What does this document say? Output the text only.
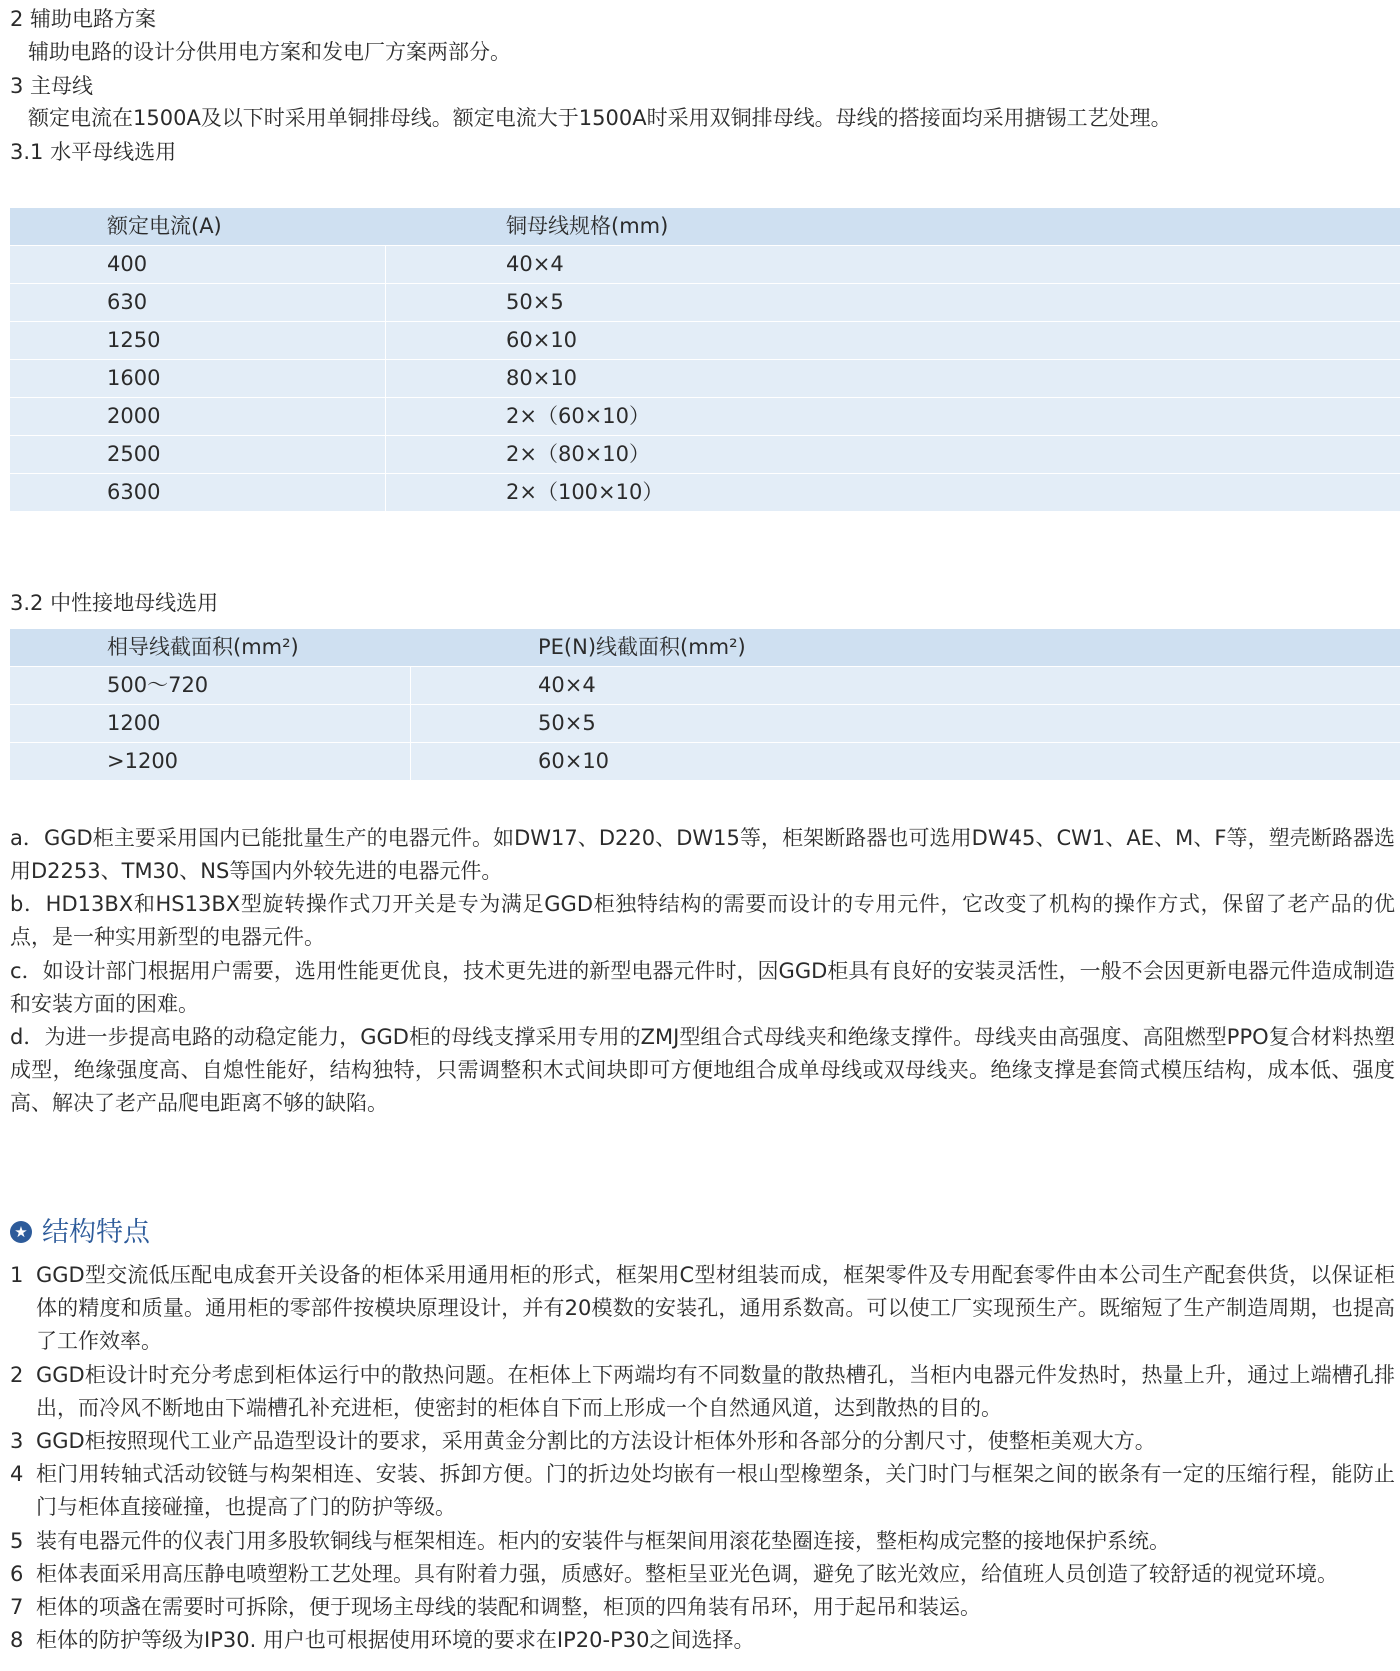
2 辅助电路方案
辅助电路的设计分供用电方案和发电厂方案两部分。
3 主母线
额定电流在1500A及以下时采用单铜排母线。额定电流大于1500A时采用双铜排母线。母线的搭接面均采用搪锡工艺处理。
3.1 水平母线选用
额定电流(A)	铜母线规格(mm)
400	40×4
630	50×5
1250	60×10
1600	80×10
2000	2×（60×10）
2500	2×（80×10）
6300	2×（100×10）
3.2 中性接地母线选用
相导线截面积(mm²)	PE(N)线截面积(mm²)
500～720	40×4
1200	50×5
>1200	60×10
a．GGD柜主要采用国内已能批量生产的电器元件。如DW17、D220、DW15等，柜架断路器也可选用DW45、CW1、AE、M、F等，塑壳断路器选用D2253、TM30、NS等国内外较先进的电器元件。
b．HD13BX和HS13BX型旋转操作式刀开关是专为满足GGD柜独特结构的需要而设计的专用元件，它改变了机构的操作方式，保留了老产品的优点，是一种实用新型的电器元件。
c．如设计部门根据用户需要，选用性能更优良，技术更先进的新型电器元件时，因GGD柜具有良好的安装灵活性，一般不会因更新电器元件造成制造和安装方面的困难。
d．为进一步提高电路的动稳定能力，GGD柜的母线支撑采用专用的ZMJ型组合式母线夹和绝缘支撑件。母线夹由高强度、高阻燃型PPO复合材料热塑成型，绝缘强度高、自熄性能好，结构独特，只需调整积木式间块即可方便地组合成单母线或双母线夹。绝缘支撑是套筒式模压结构，成本低、强度高、解决了老产品爬电距离不够的缺陷。
★ 结构特点
1 GGD型交流低压配电成套开关设备的柜体采用通用柜的形式，框架用C型材组装而成，框架零件及专用配套零件由本公司生产配套供货，以保证柜体的精度和质量。通用柜的零部件按模块原理设计，并有20模数的安装孔，通用系数高。可以使工厂实现预生产。既缩短了生产制造周期，也提高了工作效率。
2 GGD柜设计时充分考虑到柜体运行中的散热问题。在柜体上下两端均有不同数量的散热槽孔，当柜内电器元件发热时，热量上升，通过上端槽孔排出，而冷风不断地由下端槽孔补充进柜，使密封的柜体自下而上形成一个自然通风道，达到散热的目的。
3 GGD柜按照现代工业产品造型设计的要求，采用黄金分割比的方法设计柜体外形和各部分的分割尺寸，使整柜美观大方。
4 柜门用转轴式活动铰链与构架相连、安装、拆卸方便。门的折边处均嵌有一根山型橡塑条，关门时门与框架之间的嵌条有一定的压缩行程，能防止门与柜体直接碰撞，也提高了门的防护等级。
5 装有电器元件的仪表门用多股软铜线与框架相连。柜内的安装件与框架间用滚花垫圈连接，整柜构成完整的接地保护系统。
6 柜体表面采用高压静电喷塑粉工艺处理。具有附着力强，质感好。整柜呈亚光色调，避免了眩光效应，给值班人员创造了较舒适的视觉环境。
7 柜体的项盏在需要时可拆除，便于现场主母线的装配和调整，柜顶的四角装有吊环，用于起吊和装运。
8 柜体的防护等级为IP30. 用户也可根据使用环境的要求在IP20-P30之间选择。
